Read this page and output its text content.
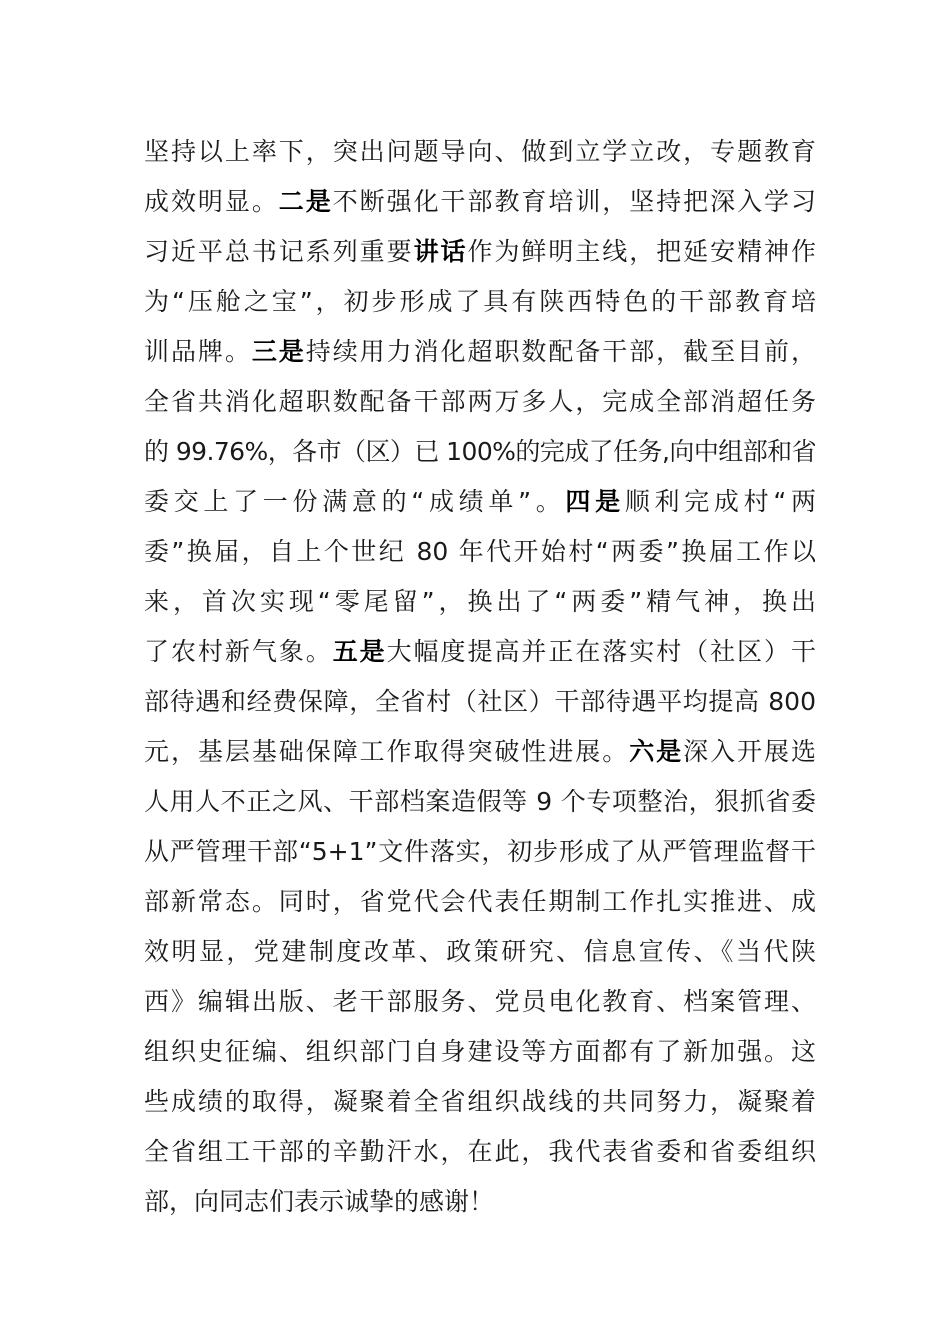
坚持以上率下，突出问题导向、做到立学立改，专题教育
成效明显。二是不断强化干部教育培训，坚持把深入学习
习近平总书记系列重要讲话作为鲜明主线，把延安精神作
为“压舱之宝”，初步形成了具有陕西特色的干部教育培
训品牌。三是持续用力消化超职数配备干部，截至目前，
全省共消化超职数配备干部两万多人，完成全部消超任务
的 99.76%，各市（区）已 100%的完成了任务,向中组部和省
委交上了一份满意的“成绩单”。四是顺利完成村“两
委”换届，自上个世纪 80 年代开始村“两委”换届工作以
来，首次实现“零尾留”，换出了“两委”精气神，换出
了农村新气象。五是大幅度提高并正在落实村（社区）干
部待遇和经费保障，全省村（社区）干部待遇平均提高 800
元，基层基础保障工作取得突破性进展。六是深入开展选
人用人不正之风、干部档案造假等 9 个专项整治，狠抓省委
从严管理干部“5+1”文件落实，初步形成了从严管理监督干
部新常态。同时，省党代会代表任期制工作扎实推进、成
效明显，党建制度改革、政策研究、信息宣传、《当代陕
西》编辑出版、老干部服务、党员电化教育、档案管理、
组织史征编、组织部门自身建设等方面都有了新加强。这
些成绩的取得，凝聚着全省组织战线的共同努力，凝聚着
全省组工干部的辛勤汗水，在此，我代表省委和省委组织
部，向同志们表示诚挚的感谢！
